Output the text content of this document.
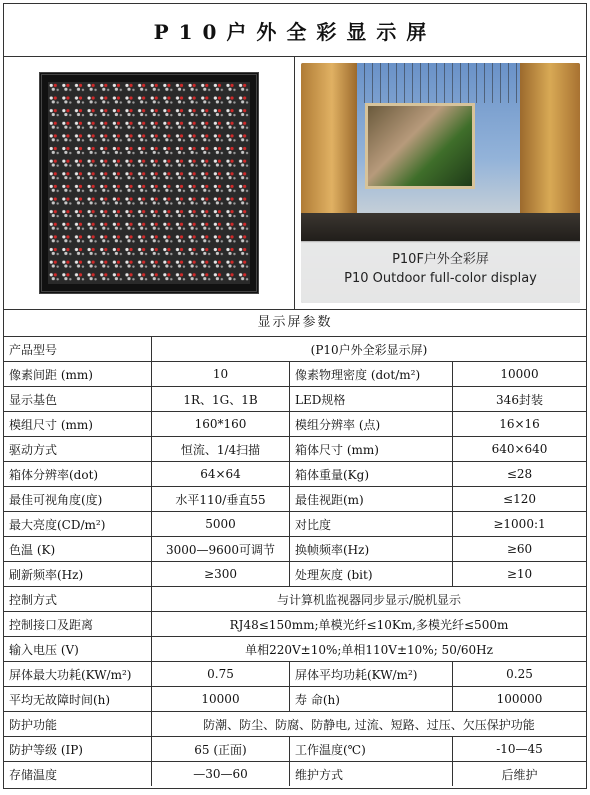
P10户外全彩显示屏
P10F户外全彩屏
P10 Outdoor full-color display
显示屏参数
产品型号	(P10户外全彩显示屏)		
像素间距 (mm)	10	像素物理密度 (dot/m²)	10000
显示基色	1R、1G、1B	LED规格	346封装
模组尺寸 (mm)	160*160	模组分辨率 (点)	16×16
驱动方式	恒流、1/4扫描	箱体尺寸 (mm)	640×640
箱体分辨率(dot)	64×64	箱体重量(Kg)	≤28
最佳可视角度(度)	水平110/垂直55	最佳视距(m)	≤120
最大亮度(CD/m²)	5000	对比度	≥1000:1
色温 (K)	3000—9600可调节	换帧频率(Hz)	≥60
刷新频率(Hz)	≥300	处理灰度 (bit)	≥10
控制方式	与计算机监视器同步显示/脱机显示		
控制接口及距离	RJ48≤150mm;单模光纤≤10Km,多模光纤≤500m		
输入电压 (V)	单相220V±10%;单相110V±10%; 50/60Hz		
屏体最大功耗(KW/m²)	0.75	屏体平均功耗(KW/m²)	0.25
平均无故障时间(h)	10000	寿 命(h)	100000
防护功能	防潮、防尘、防腐、防静电, 过流、短路、过压、欠压保护功能		
防护等级 (IP)	65 (正面)	工作温度(℃)	-10—45
存储温度	—30—60	维护方式	后维护
